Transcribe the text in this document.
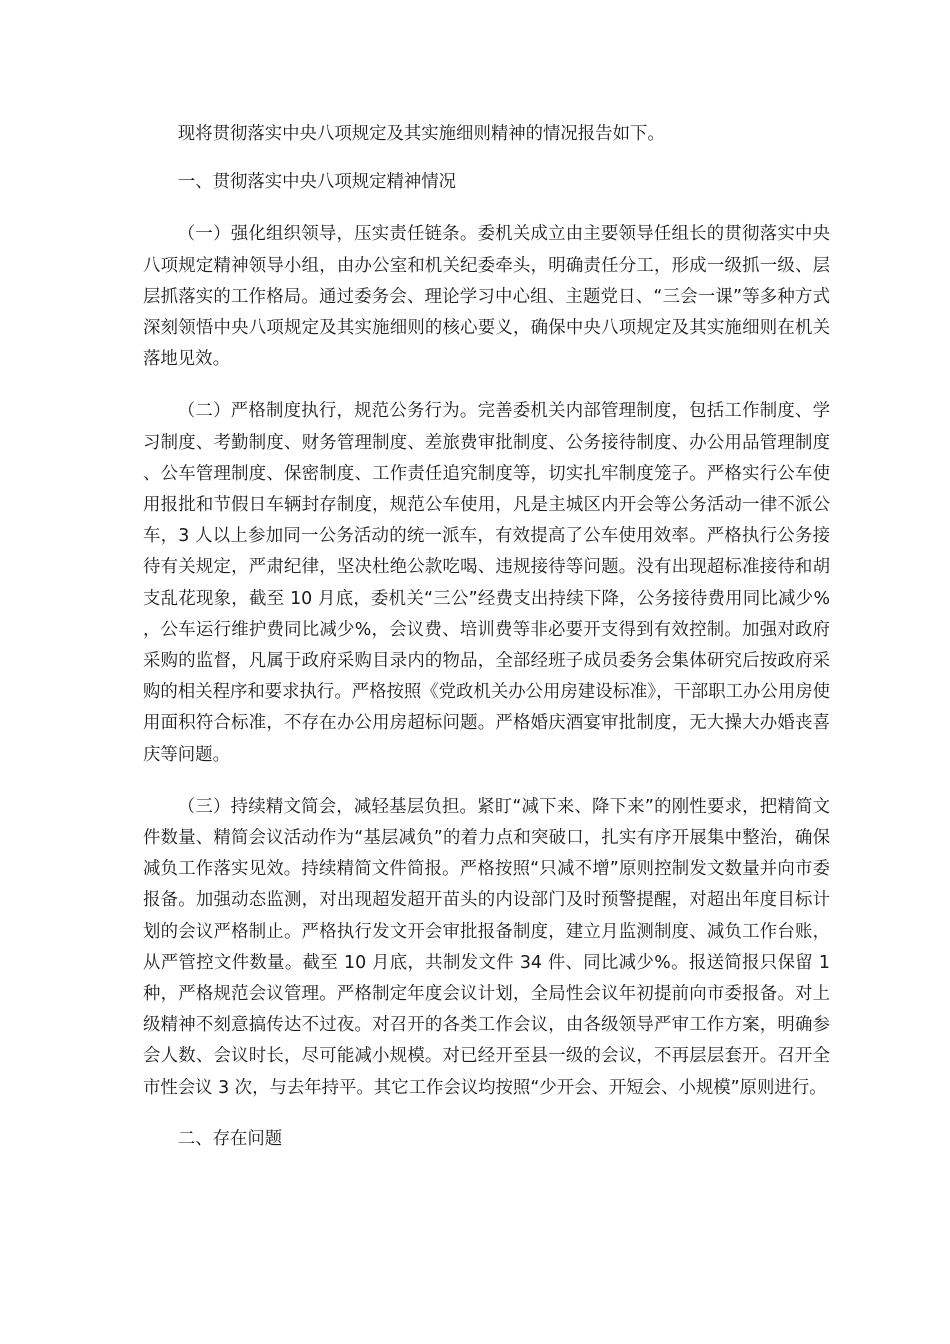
现将贯彻落实中央八项规定及其实施细则精神的情况报告如下。

一、贯彻落实中央八项规定精神情况

（一）强化组织领导，压实责任链条。委机关成立由主要领导任组长的贯彻落实中央八项规定精神领导小组，由办公室和机关纪委牵头，明确责任分工，形成一级抓一级、层层抓落实的工作格局。通过委务会、理论学习中心组、主题党日、“三会一课”等多种方式深刻领悟中央八项规定及其实施细则的核心要义，确保中央八项规定及其实施细则在机关落地见效。

（二）严格制度执行，规范公务行为。完善委机关内部管理制度，包括工作制度、学习制度、考勤制度、财务管理制度、差旅费审批制度、公务接待制度、办公用品管理制度、公车管理制度、保密制度、工作责任追究制度等，切实扎牢制度笼子。严格实行公车使用报批和节假日车辆封存制度，规范公车使用，凡是主城区内开会等公务活动一律不派公车，3 人以上参加同一公务活动的统一派车，有效提高了公车使用效率。严格执行公务接待有关规定，严肃纪律，坚决杜绝公款吃喝、违规接待等问题。没有出现超标准接待和胡支乱花现象，截至 10 月底，委机关“三公”经费支出持续下降，公务接待费用同比减少%，公车运行维护费同比减少%，会议费、培训费等非必要开支得到有效控制。加强对政府采购的监督，凡属于政府采购目录内的物品，全部经班子成员委务会集体研究后按政府采购的相关程序和要求执行。严格按照《党政机关办公用房建设标准》，干部职工办公用房使用面积符合标准，不存在办公用房超标问题。严格婚庆酒宴审批制度，无大操大办婚丧喜庆等问题。

（三）持续精文简会，减轻基层负担。紧盯“减下来、降下来”的刚性要求，把精简文件数量、精简会议活动作为“基层减负”的着力点和突破口，扎实有序开展集中整治，确保减负工作落实见效。持续精简文件简报。严格按照“只减不增”原则控制发文数量并向市委报备。加强动态监测，对出现超发超开苗头的内设部门及时预警提醒，对超出年度目标计划的会议严格制止。严格执行发文开会审批报备制度，建立月监测制度、减负工作台账，从严管控文件数量。截至 10 月底，共制发文件 34 件、同比减少%。报送简报只保留 1 种，严格规范会议管理。严格制定年度会议计划，全局性会议年初提前向市委报备。对上级精神不刻意搞传达不过夜。对召开的各类工作会议，由各级领导严审工作方案，明确参会人数、会议时长，尽可能减小规模。对已经开至县一级的会议，不再层层套开。召开全市性会议 3 次，与去年持平。其它工作会议均按照“少开会、开短会、小规模”原则进行。

二、存在问题
